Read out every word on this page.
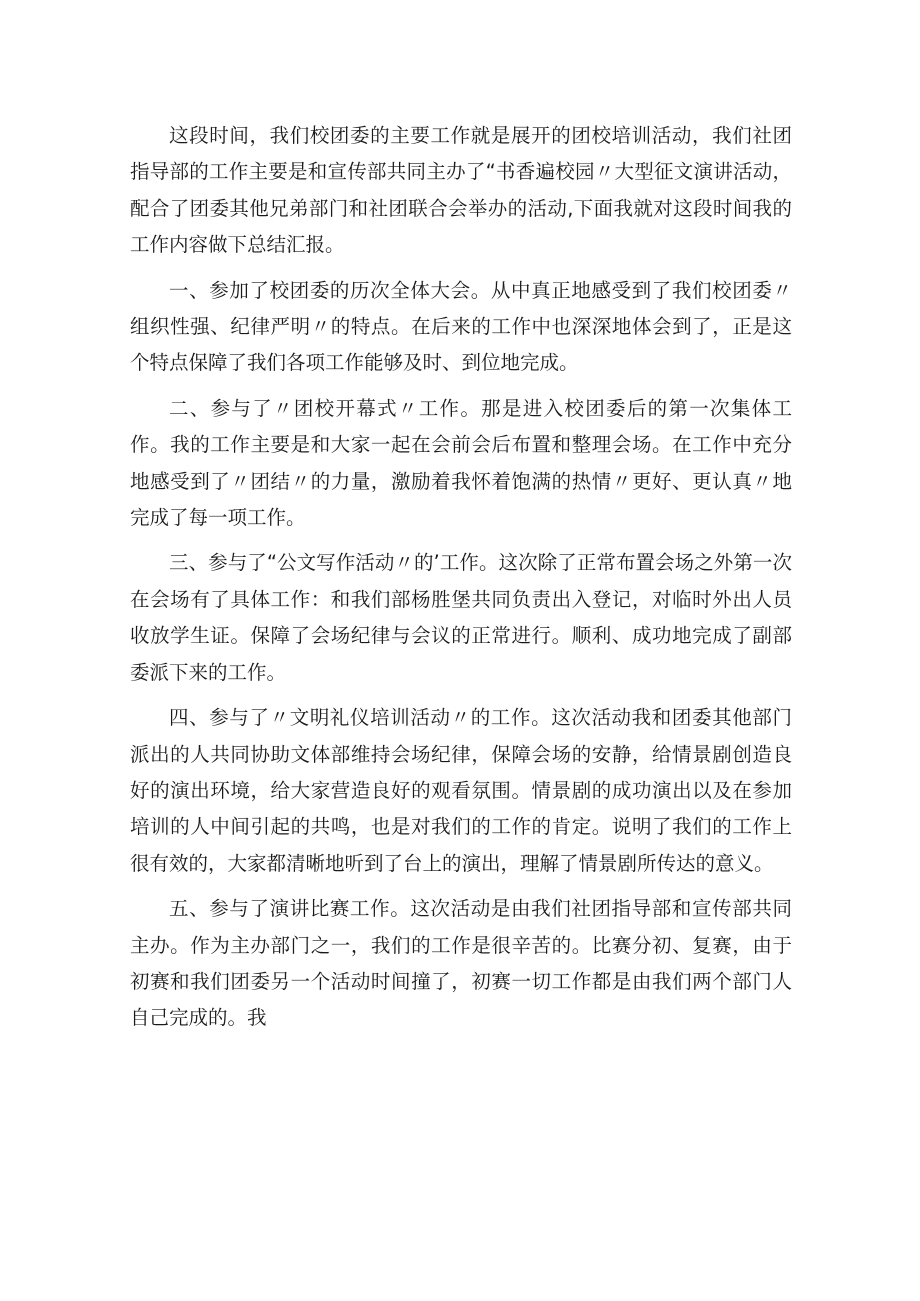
这段时间，我们校团委的主要工作就是展开的团校培训活动，我们社团指导部的工作主要是和宣传部共同主办了“书香遍校园〃大型征文演讲活动，配合了团委其他兄弟部门和社团联合会举办的活动,下面我就对这段时间我的工作内容做下总结汇报。

一、参加了校团委的历次全体大会。从中真正地感受到了我们校团委〃组织性强、纪律严明〃的特点。在后来的工作中也深深地体会到了，正是这个特点保障了我们各项工作能够及时、到位地完成。

二、参与了〃团校开幕式〃工作。那是进入校团委后的第一次集体工作。我的工作主要是和大家一起在会前会后布置和整理会场。在工作中充分地感受到了〃团结〃的力量，激励着我怀着饱满的热情〃更好、更认真〃地完成了每一项工作。

三、参与了“公文写作活动〃的’工作。这次除了正常布置会场之外第一次在会场有了具体工作：和我们部杨胜堡共同负责出入登记，对临时外出人员收放学生证。保障了会场纪律与会议的正常进行。顺利、成功地完成了副部委派下来的工作。

四、参与了〃文明礼仪培训活动〃的工作。这次活动我和团委其他部门派出的人共同协助文体部维持会场纪律，保障会场的安静，给情景剧创造良好的演出环境，给大家营造良好的观看氛围。情景剧的成功演出以及在参加培训的人中间引起的共鸣，也是对我们的工作的肯定。说明了我们的工作上很有效的，大家都清晰地听到了台上的演出，理解了情景剧所传达的意义。

五、参与了演讲比赛工作。这次活动是由我们社团指导部和宣传部共同主办。作为主办部门之一，我们的工作是很辛苦的。比赛分初、复赛，由于初赛和我们团委另一个活动时间撞了，初赛一切工作都是由我们两个部门人自己完成的。我
